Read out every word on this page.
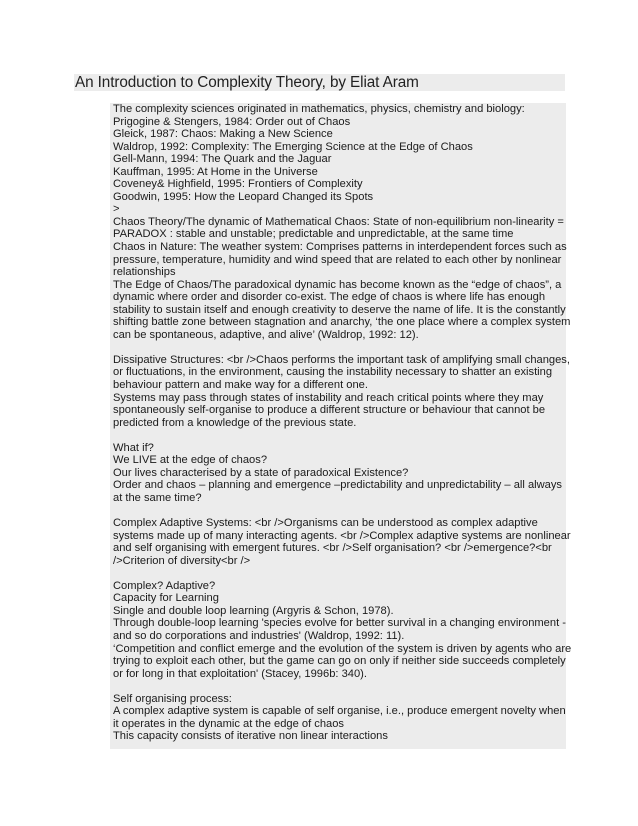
An Introduction to Complexity Theory, by Eliat Aram
The complexity sciences originated in mathematics, physics, chemistry and biology:
Prigogine & Stengers, 1984: Order out of Chaos
Gleick, 1987: Chaos: Making a New Science
Waldrop, 1992: Complexity: The Emerging Science at the Edge of Chaos
Gell-Mann, 1994: The Quark and the Jaguar
Kauffman, 1995: At Home in the Universe
Coveney& Highfield, 1995: Frontiers of Complexity
Goodwin, 1995: How the Leopard Changed its Spots
>
Chaos Theory/The dynamic of Mathematical Chaos: State of non-equilibrium non-linearity =
PARADOX : stable and unstable; predictable and unpredictable, at the same time
Chaos in Nature: The weather system: Comprises patterns in interdependent forces such as
pressure, temperature, humidity and wind speed that are related to each other by nonlinear
relationships
The Edge of Chaos/The paradoxical dynamic has become known as the “edge of chaos”, a
dynamic where order and disorder co-exist. The edge of chaos is where life has enough
stability to sustain itself and enough creativity to deserve the name of life. It is the constantly
shifting battle zone between stagnation and anarchy, ‘the one place where a complex system
can be spontaneous, adaptive, and alive’ (Waldrop, 1992: 12).
Dissipative Structures: <br />Chaos performs the important task of amplifying small changes,
or fluctuations, in the environment, causing the instability necessary to shatter an existing
behaviour pattern and make way for a different one.
Systems may pass through states of instability and reach critical points where they may
spontaneously self-organise to produce a different structure or behaviour that cannot be
predicted from a knowledge of the previous state.
What if?
We LIVE at the edge of chaos?
Our lives characterised by a state of paradoxical Existence?
Order and chaos – planning and emergence –predictability and unpredictability – all always
at the same time?
Complex Adaptive Systems: <br />Organisms can be understood as complex adaptive
systems made up of many interacting agents. <br />Complex adaptive systems are nonlinear
and self organising with emergent futures. <br />Self organisation? <br />emergence?<br
/>Criterion of diversity<br />
Complex? Adaptive?
Capacity for Learning
Single and double loop learning (Argyris & Schon, 1978).
Through double-loop learning 'species evolve for better survival in a changing environment -
and so do corporations and industries' (Waldrop, 1992: 11).
‘Competition and conflict emerge and the evolution of the system is driven by agents who are
trying to exploit each other, but the game can go on only if neither side succeeds completely
or for long in that exploitation' (Stacey, 1996b: 340).
Self organising process:
A complex adaptive system is capable of self organise, i.e., produce emergent novelty when
it operates in the dynamic at the edge of chaos
This capacity consists of iterative non linear interactions
